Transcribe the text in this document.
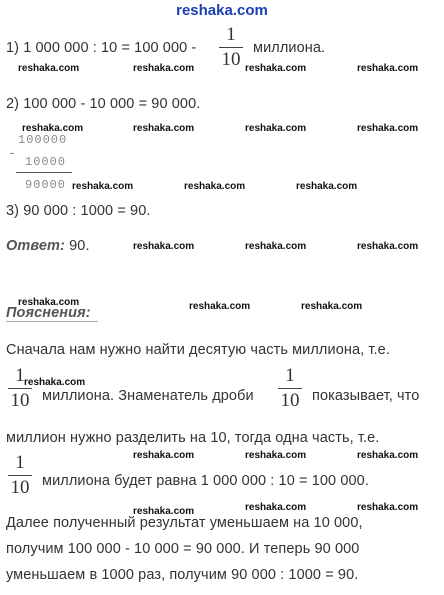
reshaka.com
1) 1 000 000 : 10 = 100 000 -
1
10
миллиона.
2) 100 000 - 10 000 = 90 000.
-
100000
10000
90000
3) 90 000 : 1000 = 90.
Ответ: 90.
Пояснения:
Сначала нам нужно найти десятую часть миллиона, т.е.
1
10 миллиона. Знаменатель дроби
1
10 показывает, что
миллион нужно разделить на 10, тогда одна часть, т.е.
1
10 миллиона будет равна 1 000 000 : 10 = 100 000.
Далее полученный результат уменьшаем на 10 000,
получим 100 000 - 10 000 = 90 000. И теперь 90 000
уменьшаем в 1000 раз, получим 90 000 : 1000 = 90.
reshaka.com	reshaka.com	reshaka.com	reshaka.com
reshaka.com	reshaka.com	reshaka.com	reshaka.com
reshaka.com	reshaka.com	reshaka.com
reshaka.com	reshaka.com	reshaka.com
reshaka.com	reshaka.com	reshaka.com
reshaka.com
reshaka.com	reshaka.com	reshaka.com
reshaka.com
reshaka.com	reshaka.com
